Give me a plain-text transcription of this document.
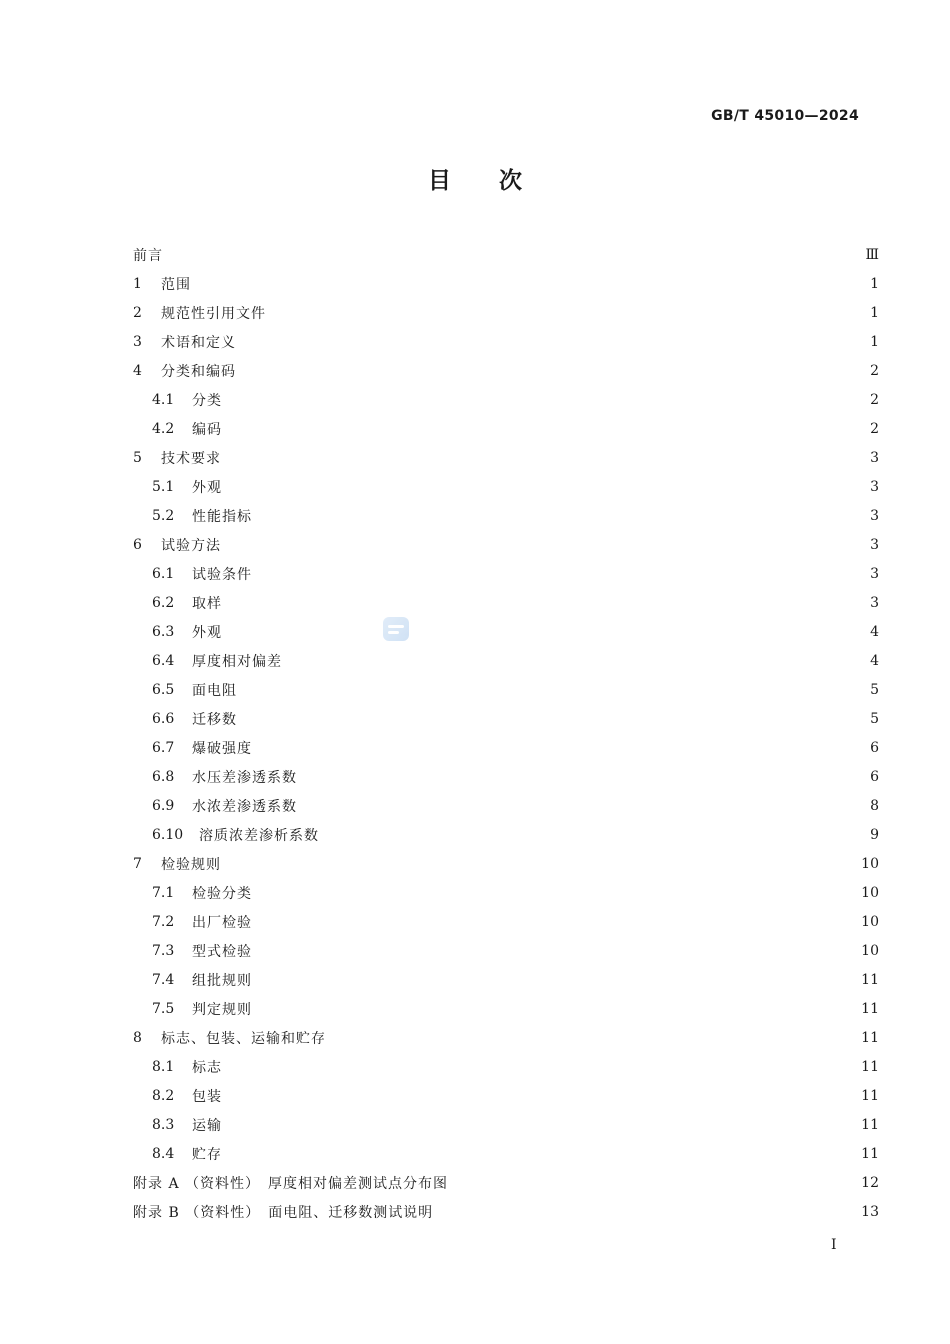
GB/T 45010—2024
目 次
前言	Ⅲ
1	范围	1
2	规范性引用文件	1
3	术语和定义	1
4	分类和编码	2
4.1	分类	2
4.2	编码	2
5	技术要求	3
5.1	外观	3
5.2	性能指标	3
6	试验方法	3
6.1	试验条件	3
6.2	取样	3
6.3	外观	4
6.4	厚度相对偏差	4
6.5	面电阻	5
6.6	迁移数	5
6.7	爆破强度	6
6.8	水压差渗透系数	6
6.9	水浓差渗透系数	8
6.10	溶质浓差渗析系数	9
7	检验规则	10
7.1	检验分类	10
7.2	出厂检验	10
7.3	型式检验	10
7.4	组批规则	11
7.5	判定规则	11
8	标志、包装、运输和贮存	11
8.1	标志	11
8.2	包装	11
8.3	运输	11
8.4	贮存	11
附录 A （资料性）　厚度相对偏差测试点分布图	12
附录 B （资料性）　面电阻、迁移数测试说明	13
I
